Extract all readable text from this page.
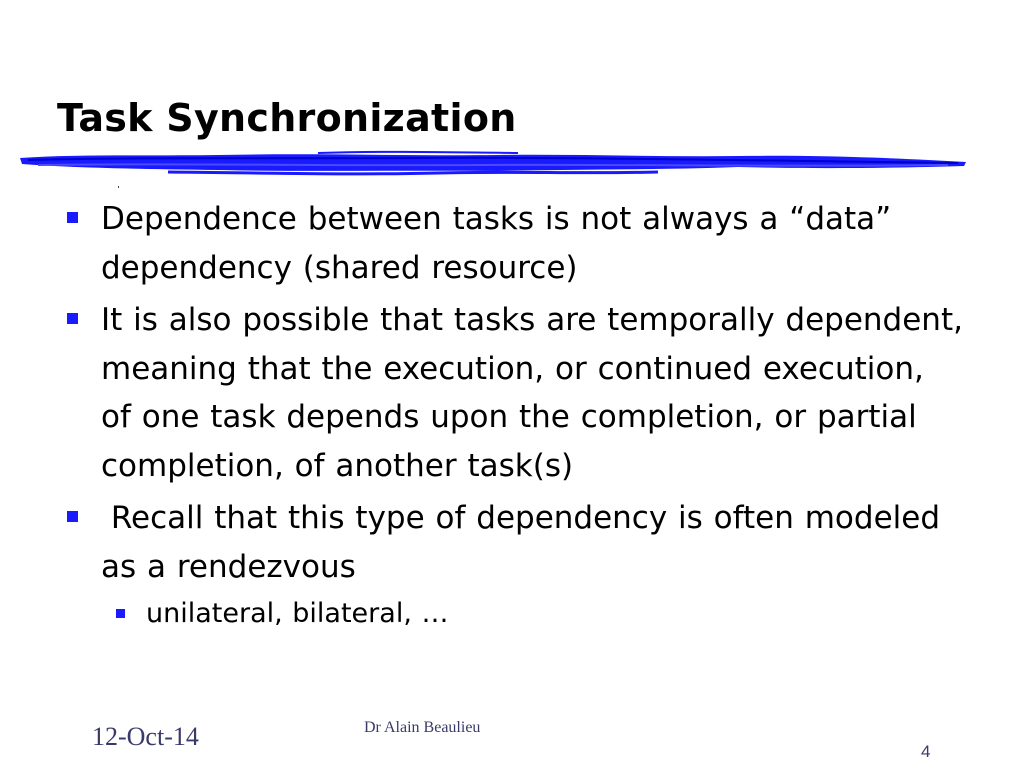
Task Synchronization
Dependence between tasks is not always a “data” dependency (shared resource)
It is also possible that tasks are temporally dependent, meaning that the execution, or continued execution, of one task depends upon the completion, or partial completion, of another task(s)
Recall that this type of dependency is often modeled as a rendezvous
unilateral, bilateral, …
12-Oct-14	Dr Alain Beaulieu
4
